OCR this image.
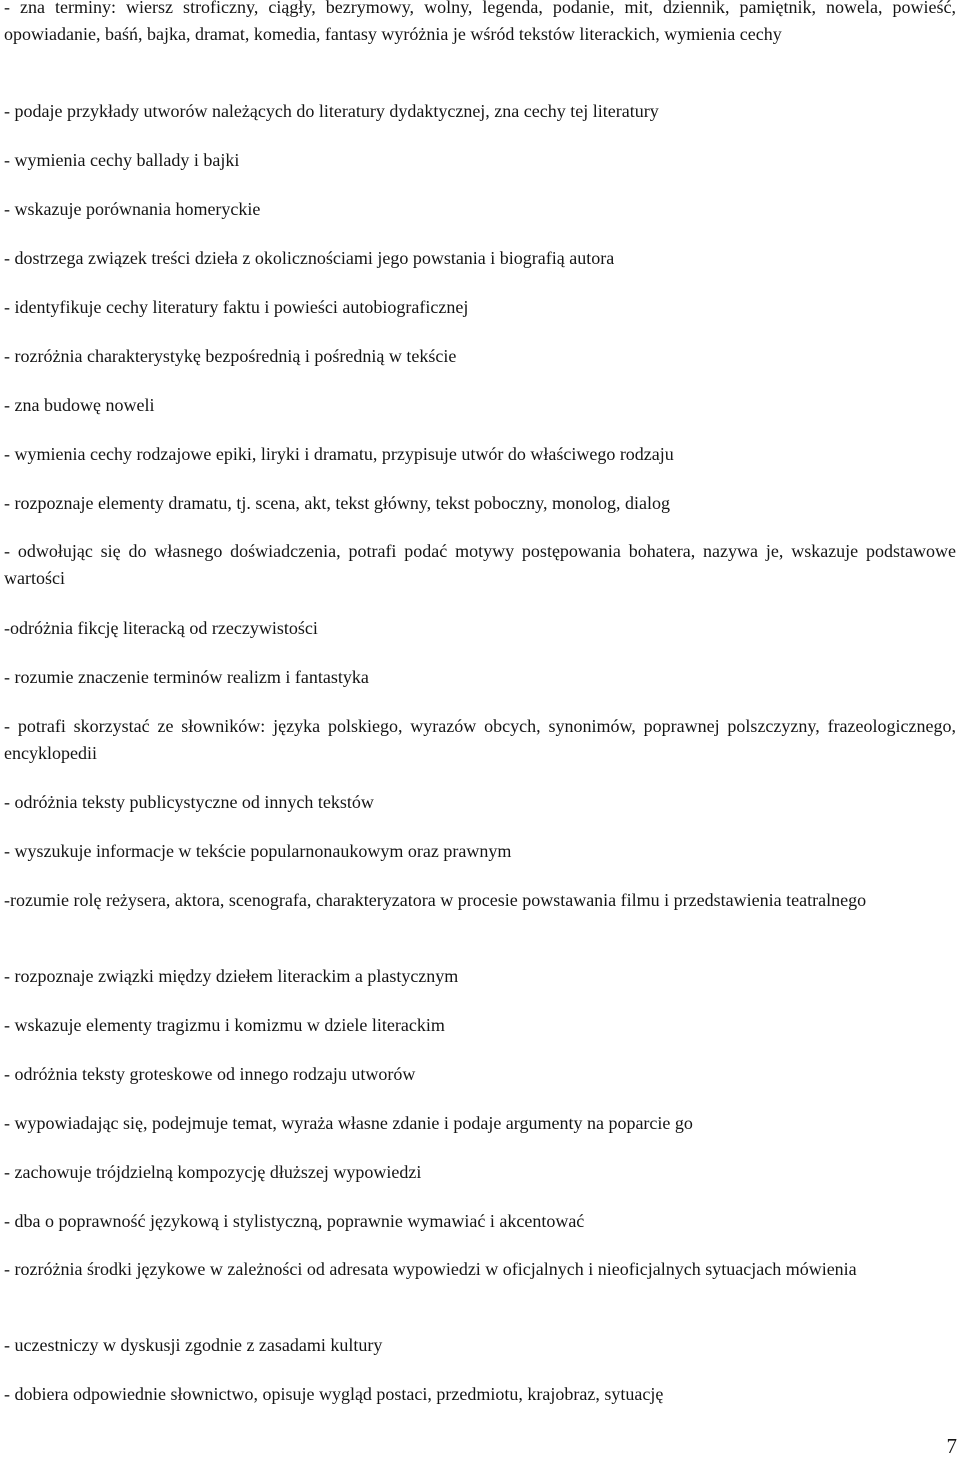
- zna terminy: wiersz stroficzny, ciągły, bezrymowy, wolny, legenda, podanie, mit, dziennik, pamiętnik, nowela, powieść, opowiadanie, baśń, bajka, dramat, komedia, fantasy wyróżnia je wśród tekstów literackich, wymienia cechy
- podaje przykłady utworów należących do literatury dydaktycznej, zna cechy tej literatury
- wymienia cechy ballady i bajki
- wskazuje porównania homeryckie
- dostrzega związek treści dzieła z okolicznościami jego powstania i biografią autora
- identyfikuje cechy literatury faktu i powieści autobiograficznej
- rozróżnia charakterystykę bezpośrednią i pośrednią w tekście
- zna budowę noweli
- wymienia cechy rodzajowe epiki, liryki i dramatu, przypisuje utwór do właściwego rodzaju
- rozpoznaje elementy dramatu, tj. scena, akt, tekst główny, tekst poboczny, monolog, dialog
- odwołując się do własnego doświadczenia, potrafi podać motywy postępowania bohatera, nazywa je, wskazuje podstawowe wartości
-odróżnia fikcję literacką od rzeczywistości
- rozumie znaczenie terminów realizm i fantastyka
- potrafi skorzystać ze słowników: języka polskiego, wyrazów obcych, synonimów, poprawnej polszczyzny, frazeologicznego, encyklopedii
- odróżnia teksty publicystyczne od innych tekstów
- wyszukuje informacje w tekście popularnonaukowym oraz prawnym
-rozumie rolę reżysera, aktora, scenografa, charakteryzatora w procesie powstawania filmu i przedstawienia teatralnego
- rozpoznaje związki między dziełem literackim a plastycznym
- wskazuje elementy tragizmu i komizmu w dziele literackim
- odróżnia teksty groteskowe od innego rodzaju utworów
- wypowiadając się, podejmuje temat, wyraża własne zdanie i podaje argumenty na poparcie go
- zachowuje trójdzielną kompozycję dłuższej wypowiedzi
- dba o poprawność językową i stylistyczną, poprawnie wymawiać i akcentować
- rozróżnia środki językowe w zależności od adresata wypowiedzi w oficjalnych i nieoficjalnych sytuacjach mówienia
- uczestniczy w dyskusji zgodnie z zasadami kultury
- dobiera odpowiednie słownictwo, opisuje wygląd postaci, przedmiotu, krajobraz, sytuację
7
